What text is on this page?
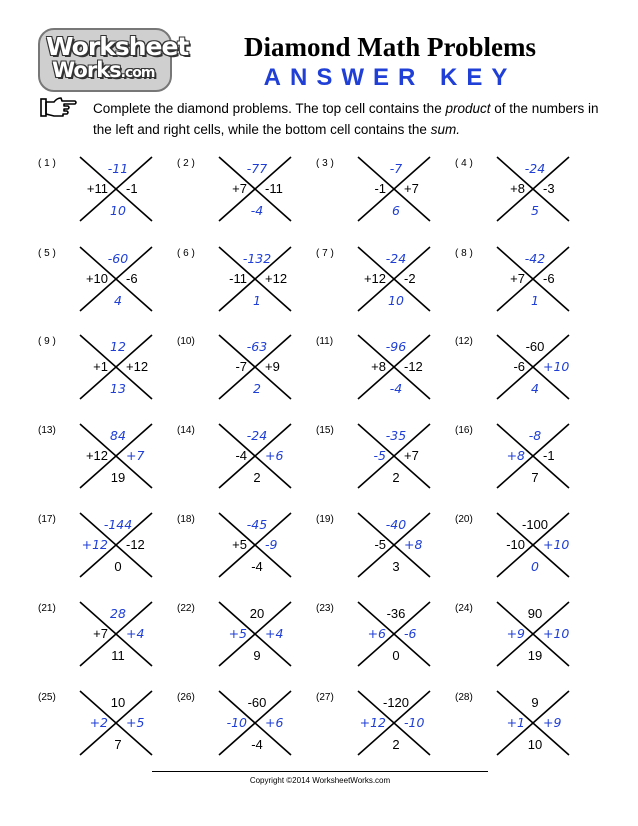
Worksheet
Works.com
Diamond Math Problems
ANSWER KEY
Complete the diamond problems. The top cell contains the product of the numbers in the left and right cells, while the bottom cell contains the sum.
( 1 )	-11
+11 -1
10
( 2 )	-77
+7 -11
-4
( 3 )	-7
-1 +7
6
( 4 )	-24
+8 -3
5
( 5 )	-60
+10 -6
4
( 6 )	-132
-11 +12
1
( 7 )	-24
+12 -2
10
( 8 )	-42
+7 -6
1
( 9 )	12
+1 +12
13
(10)	-63
-7 +9
2
(11)	-96
+8 -12
-4
(12)	-60
-6 +10
4
(13)	84
+12 +7
19
(14)	-24
-4 +6
2
(15)	-35
-5 +7
2
(16)	-8
+8 -1
7
(17)	-144
+12 -12
0
(18)	-45
+5 -9
-4
(19)	-40
-5 +8
3
(20)	-100
-10 +10
0
(21)	28
+7 +4
11
(22)	20
+5 +4
9
(23)	-36
+6 -6
0
(24)	90
+9 +10
19
(25)	10
+2 +5
7
(26)	-60
-10 +6
-4
(27)	-120
+12 -10
2
(28)	9
+1 +9
10
Copyright ©2014 WorksheetWorks.com
